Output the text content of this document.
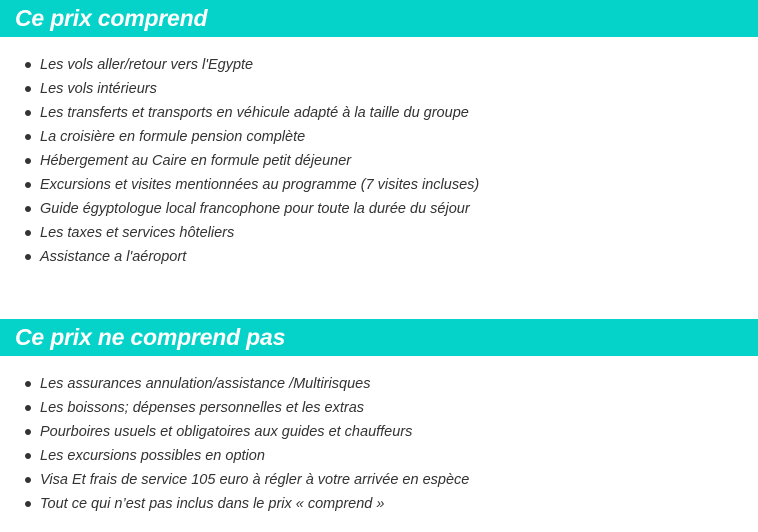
Ce prix comprend
Les vols aller/retour vers l'Egypte
Les vols intérieurs
Les transferts et transports en véhicule adapté à la taille du groupe
La croisière en formule pension complète
Hébergement au Caire en formule petit déjeuner
Excursions et visites mentionnées au programme (7 visites incluses)
Guide égyptologue local francophone pour toute la durée du séjour
Les taxes et services hôteliers
Assistance a l'aéroport
Ce prix ne comprend pas
Les assurances annulation/assistance /Multirisques
Les boissons; dépenses personnelles et les extras
Pourboires usuels et obligatoires aux guides et chauffeurs
Les excursions possibles en option
Visa Et frais de service 105 euro à régler à votre arrivée en espèce
Tout ce qui n’est pas inclus dans le prix « comprend »
